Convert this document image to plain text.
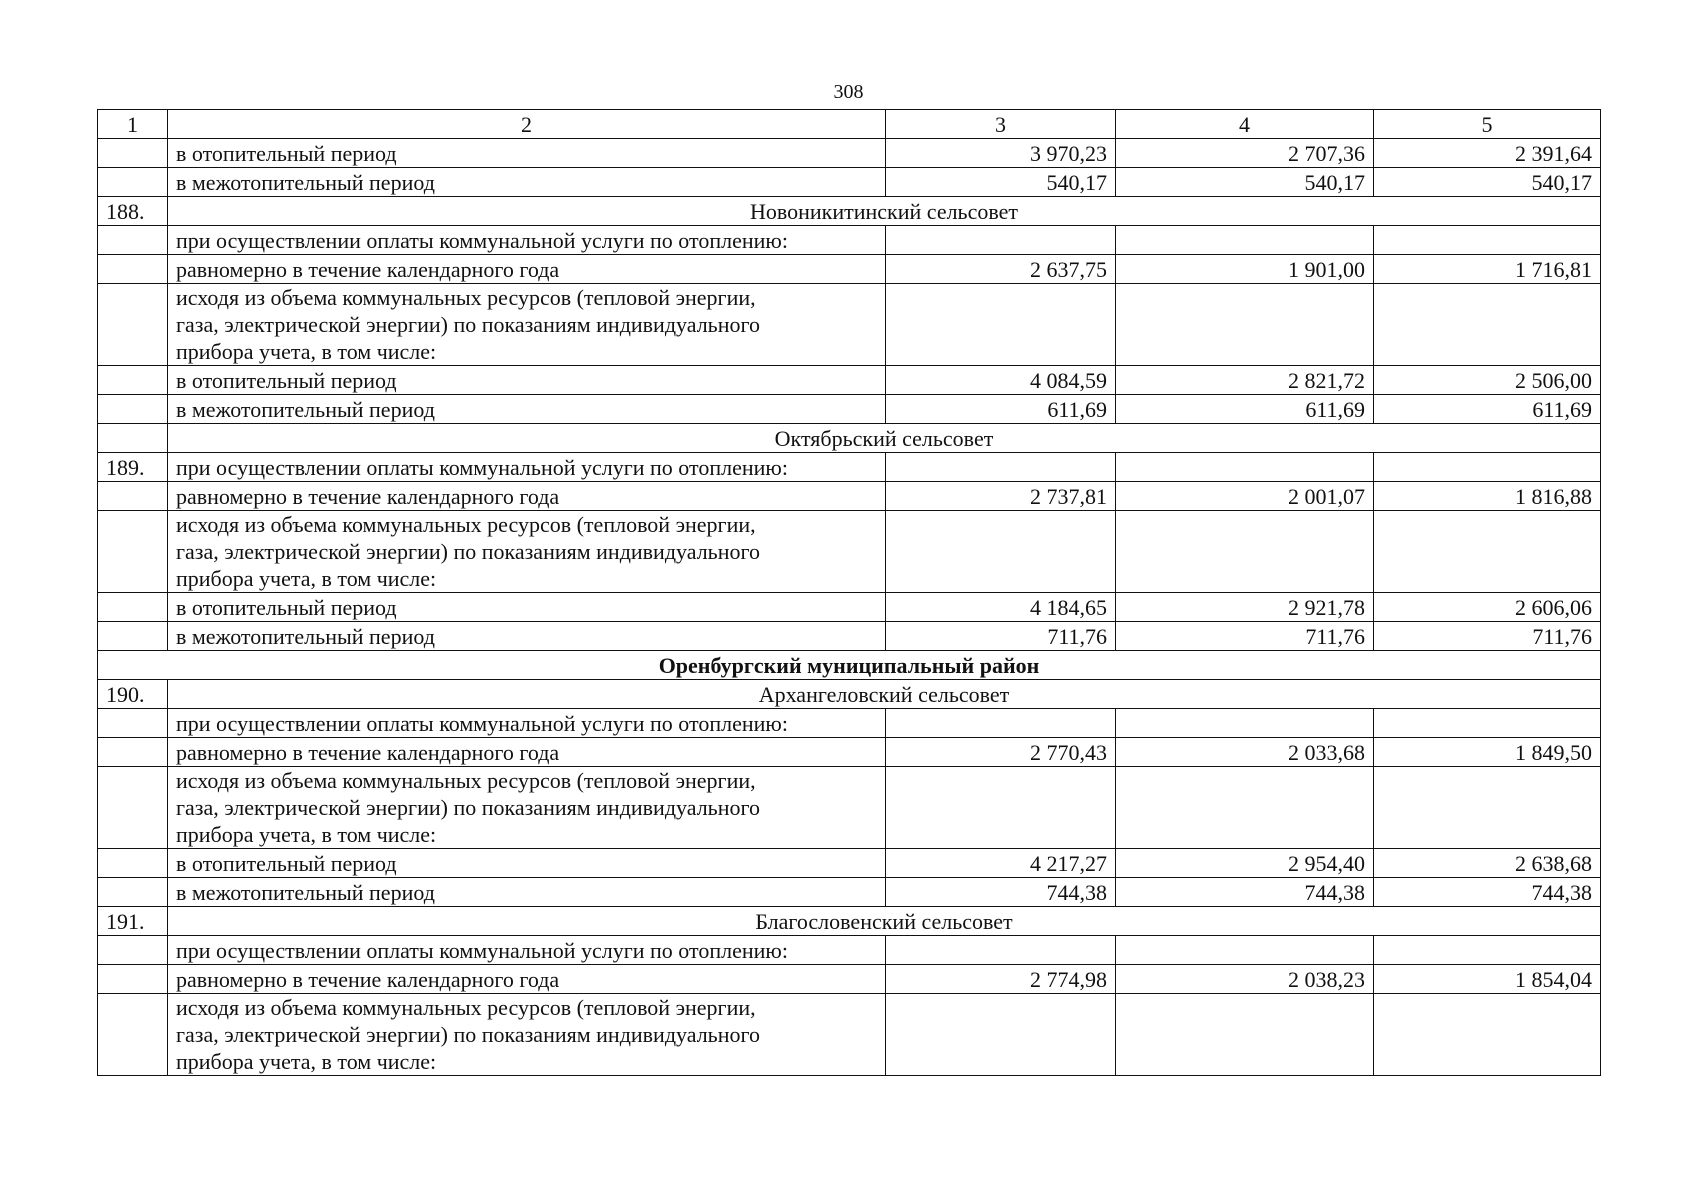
308
1	2	3	4	5
	в отопительный период	3 970,23	2 707,36	2 391,64
	в межотопительный период	540,17	540,17	540,17
188.	Новоникитинский сельсовет			
	при осуществлении оплаты коммунальной услуги по отоплению:			
	равномерно в течение календарного года	2 637,75	1 901,00	1 716,81
	исходя из объема коммунальных ресурсов (тепловой энергии,
газа, электрической энергии) по показаниям индивидуального
прибора учета, в том числе:			
	в отопительный период	4 084,59	2 821,72	2 506,00
	в межотопительный период	611,69	611,69	611,69
	Октябрьский сельсовет			
189.	при осуществлении оплаты коммунальной услуги по отоплению:			
	равномерно в течение календарного года	2 737,81	2 001,07	1 816,88
	исходя из объема коммунальных ресурсов (тепловой энергии,
газа, электрической энергии) по показаниям индивидуального
прибора учета, в том числе:			
	в отопительный период	4 184,65	2 921,78	2 606,06
	в межотопительный период	711,76	711,76	711,76
Оренбургский муниципальный район				
190.	Архангеловский сельсовет			
	при осуществлении оплаты коммунальной услуги по отоплению:			
	равномерно в течение календарного года	2 770,43	2 033,68	1 849,50
	исходя из объема коммунальных ресурсов (тепловой энергии,
газа, электрической энергии) по показаниям индивидуального
прибора учета, в том числе:			
	в отопительный период	4 217,27	2 954,40	2 638,68
	в межотопительный период	744,38	744,38	744,38
191.	Благословенский сельсовет			
	при осуществлении оплаты коммунальной услуги по отоплению:			
	равномерно в течение календарного года	2 774,98	2 038,23	1 854,04
	исходя из объема коммунальных ресурсов (тепловой энергии,
газа, электрической энергии) по показаниям индивидуального
прибора учета, в том числе:			
